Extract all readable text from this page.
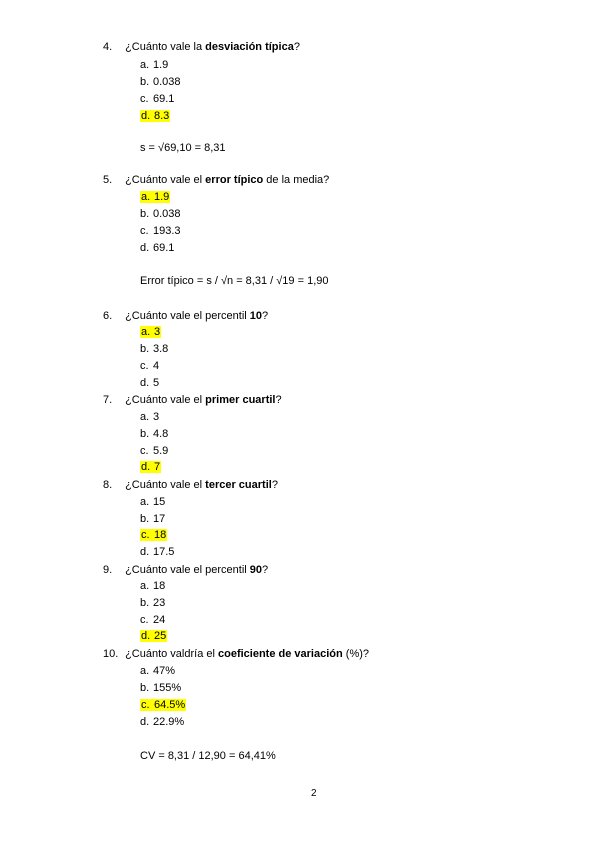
4. ¿Cuánto vale la desviación típica?
a. 1.9
b. 0.038
c. 69.1
d. 8.3
s = √69,10 = 8,31
5. ¿Cuánto vale el error típico de la media?
a. 1.9
b. 0.038
c. 193.3
d. 69.1
Error típico = s / √n = 8,31 / √19 = 1,90
6. ¿Cuánto vale el percentil 10?
a. 3
b. 3.8
c. 4
d. 5
7. ¿Cuánto vale el primer cuartil?
a. 3
b. 4.8
c. 5.9
d. 7
8. ¿Cuánto vale el tercer cuartil?
a. 15
b. 17
c. 18
d. 17.5
9. ¿Cuánto vale el percentil 90?
a. 18
b. 23
c. 24
d. 25
10. ¿Cuánto valdría el coeficiente de variación (%)?
a. 47%
b. 155%
c. 64.5%
d. 22.9%
CV = 8,31 / 12,90 = 64,41%
2
